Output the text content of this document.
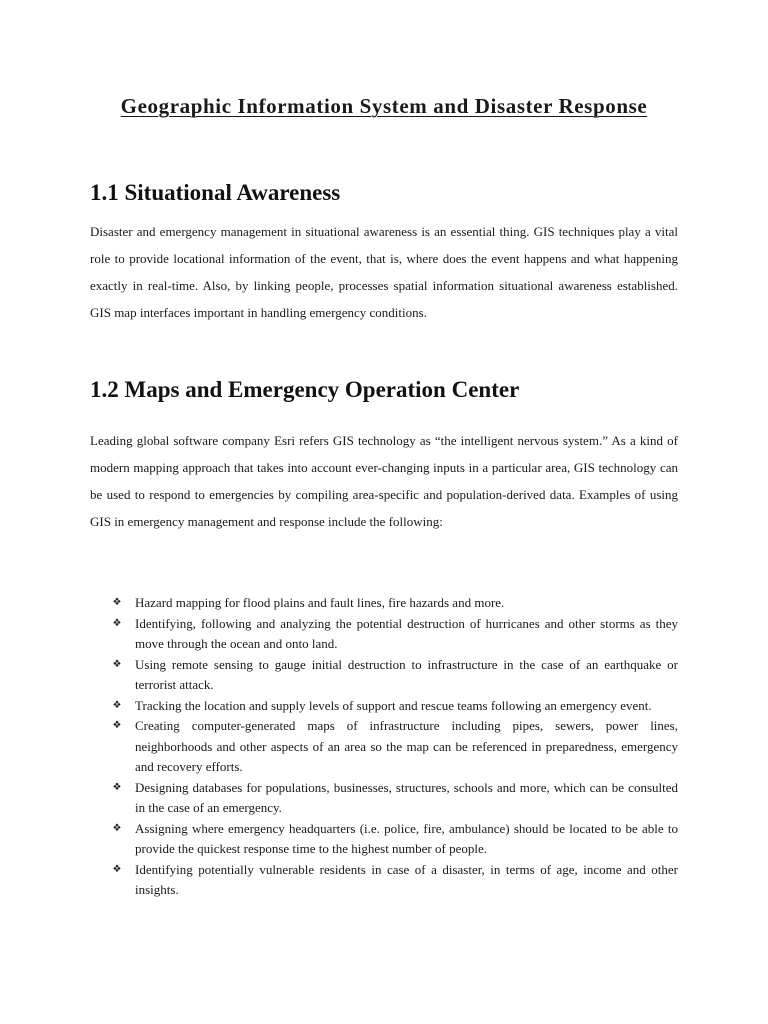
Geographic Information System and Disaster Response
1.1 Situational Awareness

Disaster and emergency management in situational awareness is an essential thing. GIS techniques play a vital role to provide locational information of the event, that is, where does the event happens and what happening exactly in real-time. Also, by linking people, processes spatial information situational awareness established. GIS map interfaces important in handling emergency conditions.

1.2 Maps and Emergency Operation Center

Leading global software company Esri refers GIS technology as “the intelligent nervous system.” As a kind of modern mapping approach that takes into account ever-changing inputs in a particular area, GIS technology can be used to respond to emergencies by compiling area-specific and population-derived data. Examples of using GIS in emergency management and response include the following:

❖ Hazard mapping for flood plains and fault lines, fire hazards and more.
❖ Identifying, following and analyzing the potential destruction of hurricanes and other storms as they move through the ocean and onto land.
❖ Using remote sensing to gauge initial destruction to infrastructure in the case of an earthquake or terrorist attack.
❖ Tracking the location and supply levels of support and rescue teams following an emergency event.
❖ Creating computer-generated maps of infrastructure including pipes, sewers, power lines, neighborhoods and other aspects of an area so the map can be referenced in preparedness, emergency and recovery efforts.
❖ Designing databases for populations, businesses, structures, schools and more, which can be consulted in the case of an emergency.
❖ Assigning where emergency headquarters (i.e. police, fire, ambulance) should be located to be able to provide the quickest response time to the highest number of people.
❖ Identifying potentially vulnerable residents in case of a disaster, in terms of age, income and other insights.
